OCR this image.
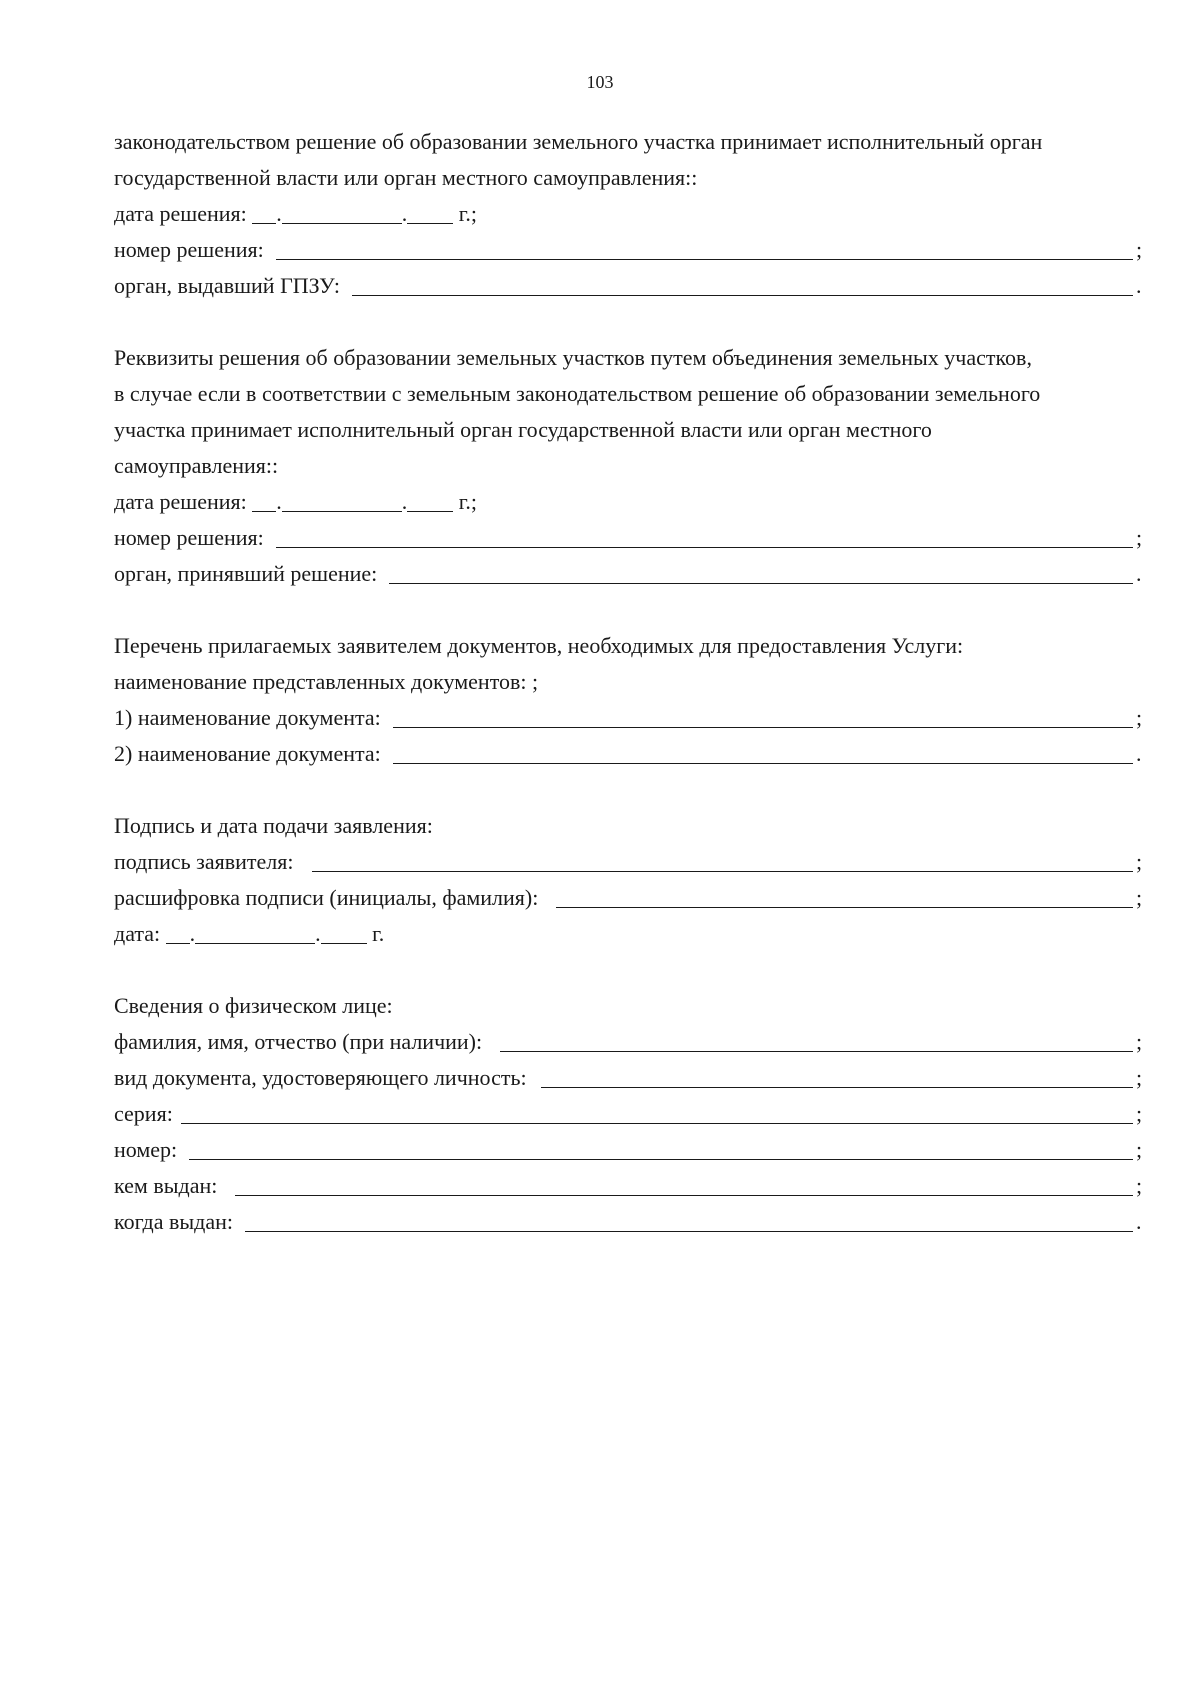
103
законодательством решение об образовании земельного участка принимает исполнительный орган
государственной власти или орган местного самоуправления::
дата решения: .	. г.;
номер решения:	;
орган, выдавший ГПЗУ:	.
Реквизиты решения об образовании земельных участков путем объединения земельных участков,
в случае если в соответствии с земельным законодательством решение об образовании земельного
участка принимает исполнительный орган государственной власти или орган местного
самоуправления::
дата решения: .	. г.;
номер решения:	;
орган, принявший решение:	.
Перечень прилагаемых заявителем документов, необходимых для предоставления Услуги:
наименование представленных документов: ;
1) наименование документа:	;
2) наименование документа:	.
Подпись и дата подачи заявления:
подпись заявителя:	;
расшифровка подписи (инициалы, фамилия):	;
дата: .	. г.
Сведения о физическом лице:
фамилия, имя, отчество (при наличии):	;
вид документа, удостоверяющего личность:	;
серия:	;
номер:	;
кем выдан:	;
когда выдан:	.
